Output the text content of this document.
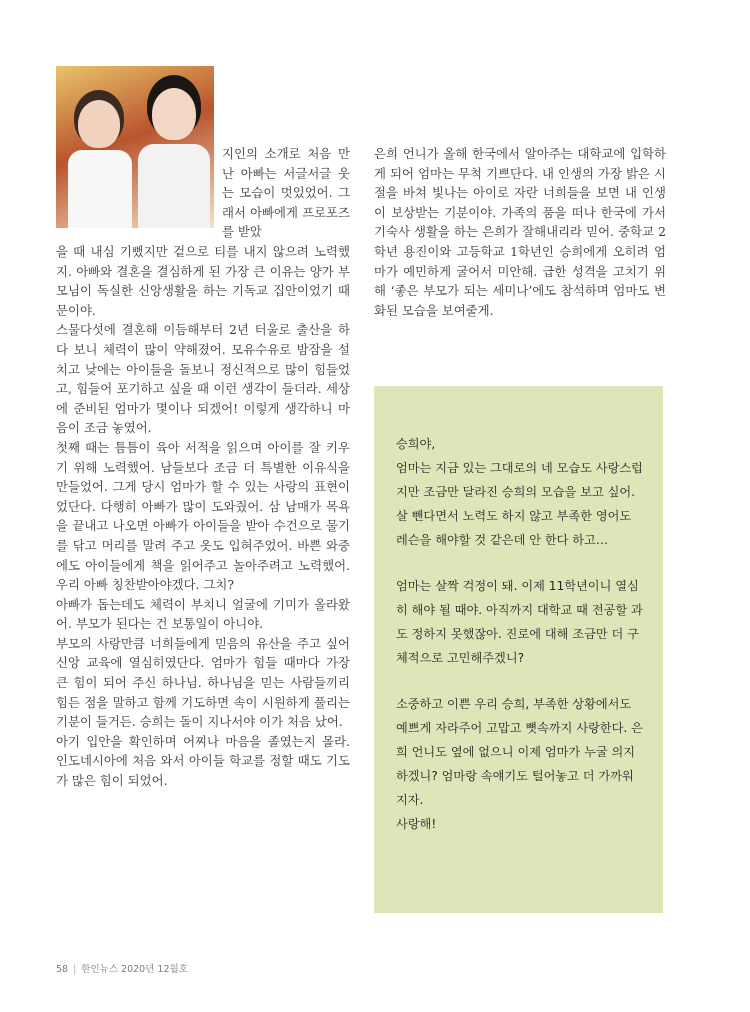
지인의 소개로 처음 만난 아빠는 서글서글 웃는 모습이 멋있었어. 그래서 아빠에게 프로포즈를 받았

을 때 내심 기뻤지만 겉으로 티를 내지 않으려 노력했지. 아빠와 결혼을 결심하게 된 가장 큰 이유는 양가 부모님이 독실한 신앙생활을 하는 기독교 집안이었기 때문이야.

스물다섯에 결혼해 이듬해부터 2년 터울로 출산을 하다 보니 체력이 많이 약해졌어. 모유수유로 밤잠을 설치고 낮에는 아이들을 돌보니 정신적으로 많이 힘들었고, 힘들어 포기하고 싶을 때 이런 생각이 들더라. 세상에 준비된 엄마가 몇이나 되겠어! 이렇게 생각하니 마음이 조금 놓였어.

첫째 때는 틈틈이 육아 서적을 읽으며 아이를 잘 키우기 위해 노력했어. 남들보다 조금 더 특별한 이유식을 만들었어. 그게 당시 엄마가 할 수 있는 사랑의 표현이었단다. 다행히 아빠가 많이 도와줬어. 삼 남매가 목욕을 끝내고 나오면 아빠가 아이들을 받아 수건으로 물기를 닦고 머리를 말려 주고 옷도 입혀주었어. 바쁜 와중에도 아이들에게 책을 읽어주고 놀아주려고 노력했어. 우리 아빠 칭찬받아야겠다. 그치?

아빠가 돕는데도 체력이 부치니 얼굴에 기미가 올라왔어. 부모가 된다는 건 보통일이 아니야.

부모의 사랑만큼 너희들에게 믿음의 유산을 주고 싶어 신앙 교육에 열심히였단다. 엄마가 힘들 때마다 가장 큰 힘이 되어 주신 하나님. 하나님을 믿는 사람들끼리 힘든 점을 말하고 함께 기도하면 속이 시원하게 풀리는 기분이 들거든. 승희는 돌이 지나서야 이가 처음 났어.

아기 입안을 확인하며 어찌나 마음을 졸였는지 몰라. 인도네시아에 처음 와서 아이들 학교를 정할 때도 기도가 많은 힘이 되었어.

은희 언니가 올해 한국에서 알아주는 대학교에 입학하게 되어 엄마는 무척 기쁘단다. 내 인생의 가장 밝은 시절을 바쳐 빛나는 아이로 자란 너희들을 보면 내 인생이 보상받는 기분이야. 가족의 품을 떠나 한국에 가서 기숙사 생활을 하는 은희가 잘해내리라 믿어. 중학교 2학년 용진이와 고등학교 1학년인 승희에게 오히려 엄마가 예민하게 굴어서 미안해. 급한 성격을 고치기 위해 ‘좋은 부모가 되는 세미나’에도 참석하며 엄마도 변화된 모습을 보여줄게.

승희야,

엄마는 지금 있는 그대로의 네 모습도 사랑스럽지만 조금만 달라진 승희의 모습을 보고 싶어. 살 뺀다면서 노력도 하지 않고 부족한 영어도 레슨을 해야할 것 같은데 안 한다 하고…

엄마는 살짝 걱정이 돼. 이제 11학년이니 열심히 해야 될 때야. 아직까지 대학교 때 전공할 과도 정하지 못했잖아. 진로에 대해 조금만 더 구체적으로 고민해주겠니?

소중하고 이쁜 우리 승희, 부족한 상황에서도 예쁘게 자라주어 고맙고 뼛속까지 사랑한다. 은희 언니도 옆에 없으니 이제 엄마가 누굴 의지하겠니? 엄마랑 속얘기도 털어놓고 더 가까워지자.

사랑해!

58 | 한인뉴스 2020년 12월호
